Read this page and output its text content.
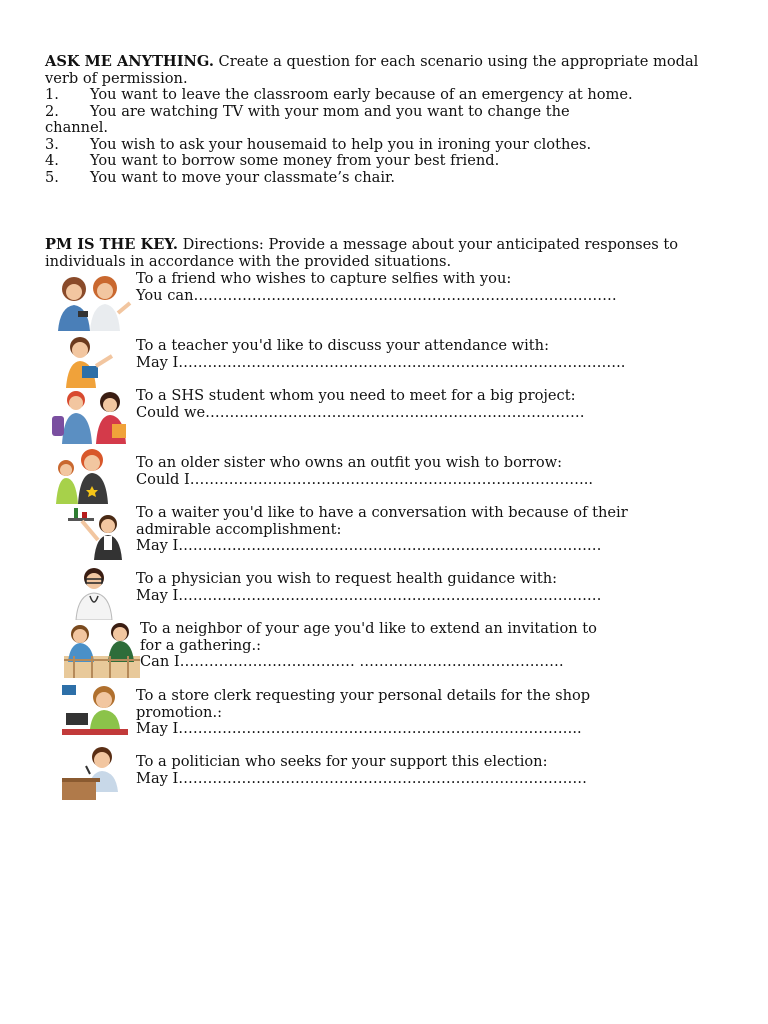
ASK ME ANYTHING. Create a question for each scenario using the appropriate modal verb of permission.
1.	You want to leave the classroom early because of an emergency at home.
2.	You are watching TV with your mom and you want to change the
channel.
3.	You wish to ask your housemaid to help you in ironing your clothes.
4.	You want to borrow some money from your best friend.
5.	You want to move your classmate’s chair.
PM IS THE KEY. Directions: Provide a message about your anticipated responses to individuals in accordance with the provided situations.
To a friend who wishes to capture selfies with you:
You can……………………………………………………………………………
To a teacher you'd like to discuss your attendance with:
May I………………………………………………………………………………..
To a SHS student whom you need to meet for a big project:
Could we……………………………………………………………………
To an older sister who owns an outfit you wish to borrow:
Could I………………………………………………………………………..
To a waiter you'd like to have a conversation with because of their
admirable accomplishment:
May I……………………………………………………………………………
To a physician you wish to request health guidance with:
May I……………………………………………………………………………
To a neighbor of your age you'd like to extend an invitation to
for a gathering.:
Can I……………………………… ……………………………………
To a store clerk requesting your personal details for the shop
promotion.:
May I………………………………………………………………………..
To a politician who seeks for your support this election:
May I…………………………………………………………………………
